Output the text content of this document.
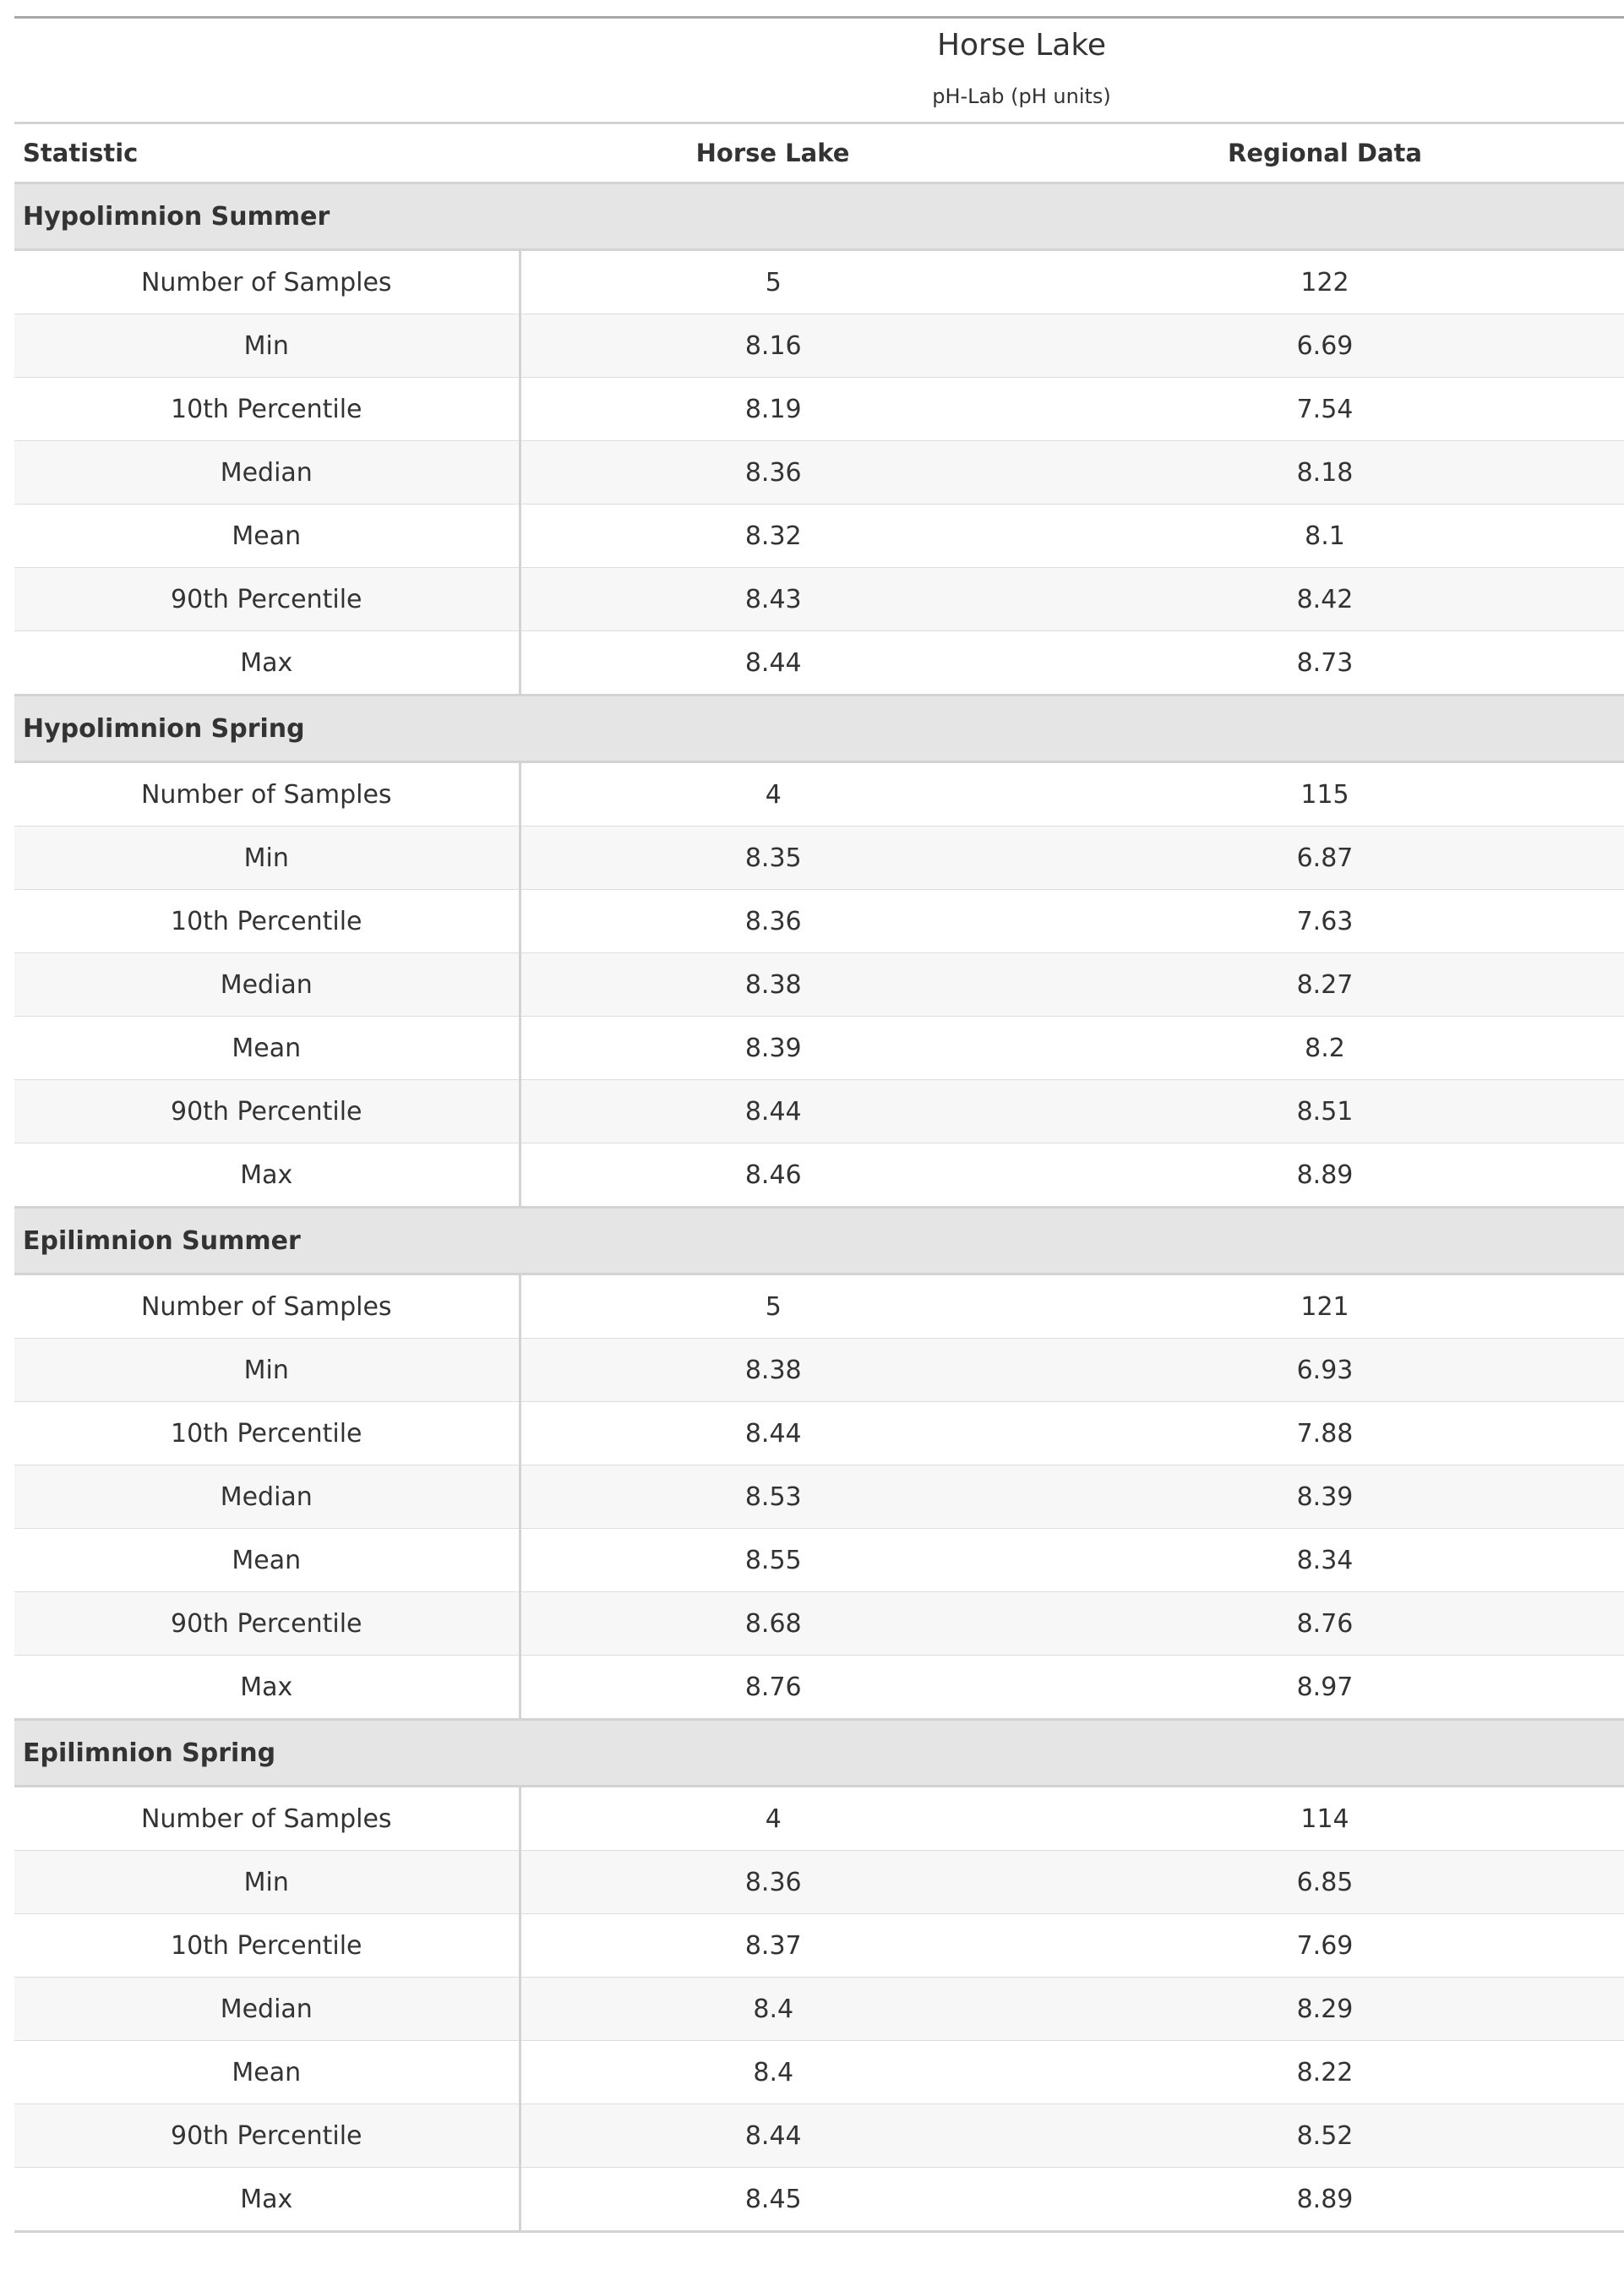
Statistic	Horse Lake	Regional Data
Hypolimnion Summer		
Number of Samples	5	122
Min	8.16	6.69
10th Percentile	8.19	7.54
Median	8.36	8.18
Mean	8.32	8.1
90th Percentile	8.43	8.42
Max	8.44	8.73
Hypolimnion Spring		
Number of Samples	4	115
Min	8.35	6.87
10th Percentile	8.36	7.63
Median	8.38	8.27
Mean	8.39	8.2
90th Percentile	8.44	8.51
Max	8.46	8.89
Epilimnion Summer		
Number of Samples	5	121
Min	8.38	6.93
10th Percentile	8.44	7.88
Median	8.53	8.39
Mean	8.55	8.34
90th Percentile	8.68	8.76
Max	8.76	8.97
Epilimnion Spring		
Number of Samples	4	114
Min	8.36	6.85
10th Percentile	8.37	7.69
Median	8.4	8.29
Mean	8.4	8.22
90th Percentile	8.44	8.52
Max	8.45	8.89
Horse Lake
pH-Lab (pH units)
